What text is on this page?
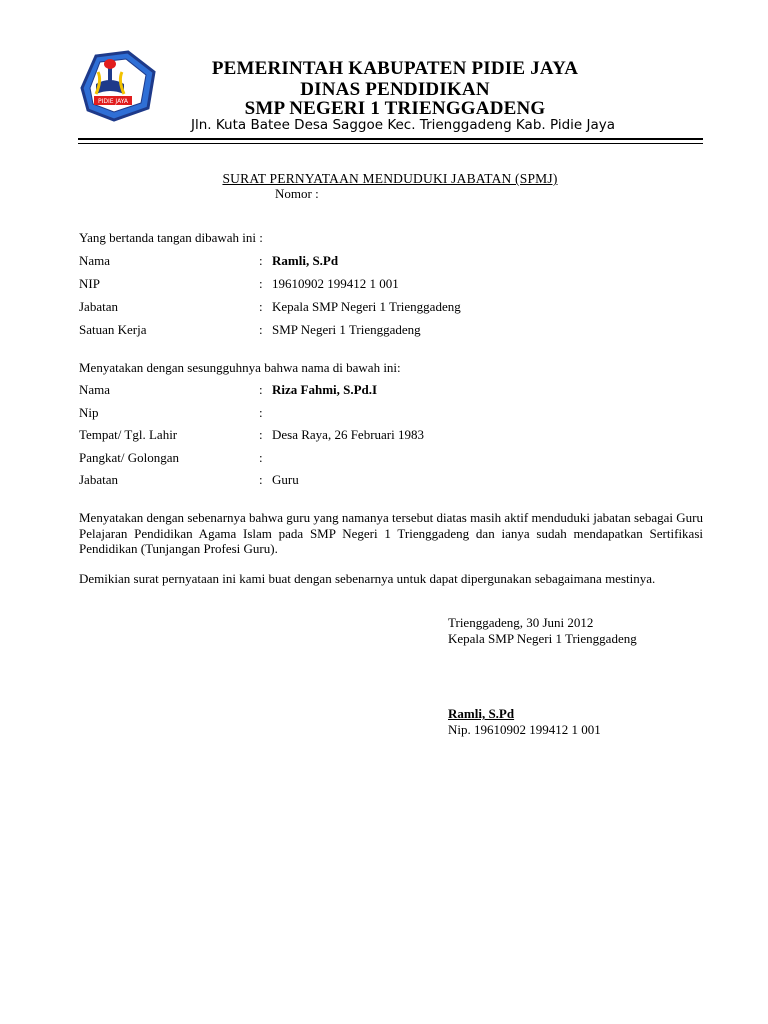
PIDIE JAYA
PEMERINTAH KABUPATEN PIDIE JAYA
DINAS PENDIDIKAN
SMP NEGERI 1 TRIENGGADENG
Jln. Kuta Batee Desa Saggoe Kec. Trienggadeng Kab. Pidie Jaya
SURAT PERNYATAAN MENDUDUKI JABATAN (SPMJ)
Nomor :
Yang bertanda tangan dibawah ini :
Nama	: Ramli, S.Pd
NIP	: 19610902 199412 1 001
Jabatan	: Kepala SMP Negeri 1 Trienggadeng
Satuan Kerja	: SMP Negeri 1 Trienggadeng
Menyatakan dengan sesungguhnya bahwa nama di bawah ini:
Nama	: Riza Fahmi, S.Pd.I
Nip	:
Tempat/ Tgl. Lahir	: Desa Raya, 26 Februari 1983
Pangkat/ Golongan	:
Jabatan	: Guru
Menyatakan dengan sebenarnya bahwa guru yang namanya tersebut diatas masih aktif menduduki jabatan sebagai Guru Pelajaran Pendidikan Agama Islam pada SMP Negeri 1 Trienggadeng dan ianya sudah mendapatkan Sertifikasi Pendidikan (Tunjangan Profesi Guru).
Demikian surat pernyataan ini kami buat dengan sebenarnya untuk dapat dipergunakan sebagaimana mestinya.
Trienggadeng, 30 Juni 2012
Kepala SMP Negeri 1 Trienggadeng
Ramli, S.Pd
Nip. 19610902 199412 1 001
